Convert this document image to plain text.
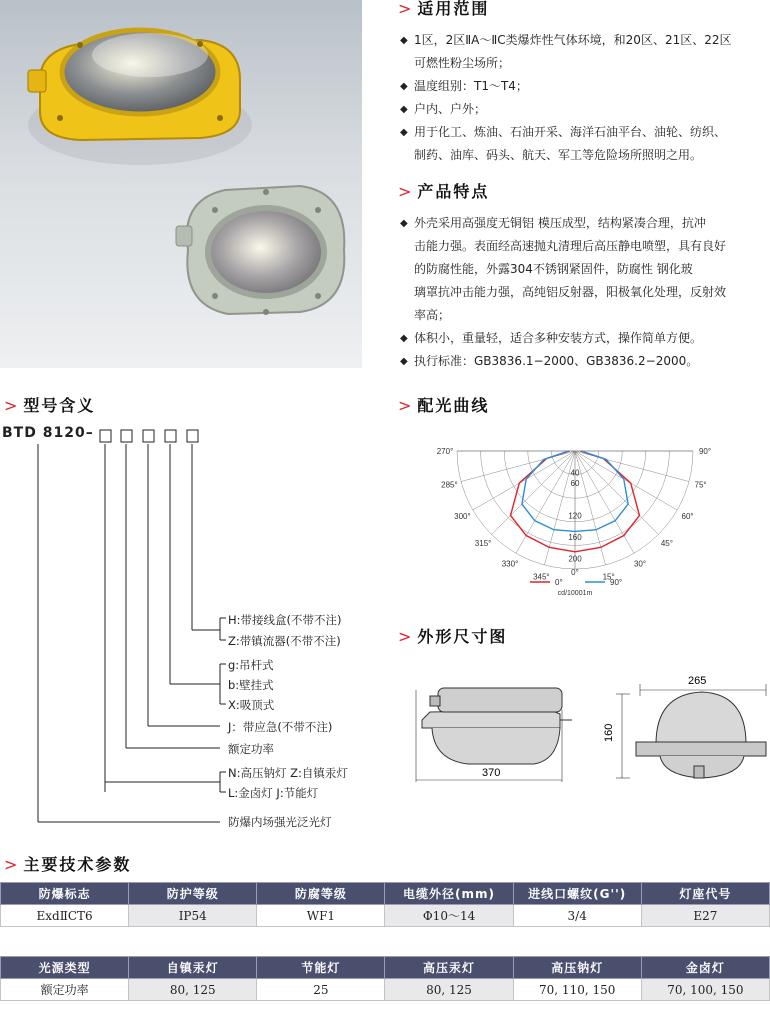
> 适用范围
◆ 1区，2区ⅡA～ⅡC类爆炸性气体环境，和20区、21区、22区
可燃性粉尘场所；
◆ 温度组别：T1～T4；
◆ 户内、户外；
◆ 用于化工、炼油、石油开采、海洋石油平台、油轮、纺织、
制药、油库、码头、航天、军工等危险场所照明之用。
> 产品特点
◆ 外壳采用高强度无铜铝 模压成型，结构紧凑合理，抗冲
击能力强。表面经高速抛丸清理后高压静电喷塑，具有良好
的防腐性能，外露304不锈钢紧固件，防腐性 钢化玻
璃罩抗冲击能力强，高纯铝反射器，阳极氧化处理，反射效
率高；
◆ 体积小，重量轻，适合多种安装方式，操作简单方便。
◆ 执行标准：GB3836.1−2000、GB3836.2−2000。
> 型号含义
BTD 8120–
H:带接线盒(不带不注)
Z:带镇流器(不带不注)
g:吊杆式
b:壁挂式
X:吸顶式
J：带应急(不带不注)
额定功率
N:高压钠灯 Z:自镇汞灯
L:金卤灯 J:节能灯
防爆内场强光泛光灯
> 配光曲线
270°
285°
300°
315°
330°
345°
90°
75°
60°
45°
30°
15°
0°
40
60
120
160
200
0°	90°
cd/10001m
> 外形尺寸图
370
265
160
> 主要技术参数
防爆标志	防护等级	防腐等级	电缆外径(mm)	进线口螺纹(G'')	灯座代号
ExdⅡCT6	IP54	WF1	Φ10～14	3/4	E27
光源类型	自镇汞灯	节能灯	高压汞灯	高压钠灯	金卤灯
额定功率	80, 125	25	80, 125	70, 110, 150	70, 100, 150
